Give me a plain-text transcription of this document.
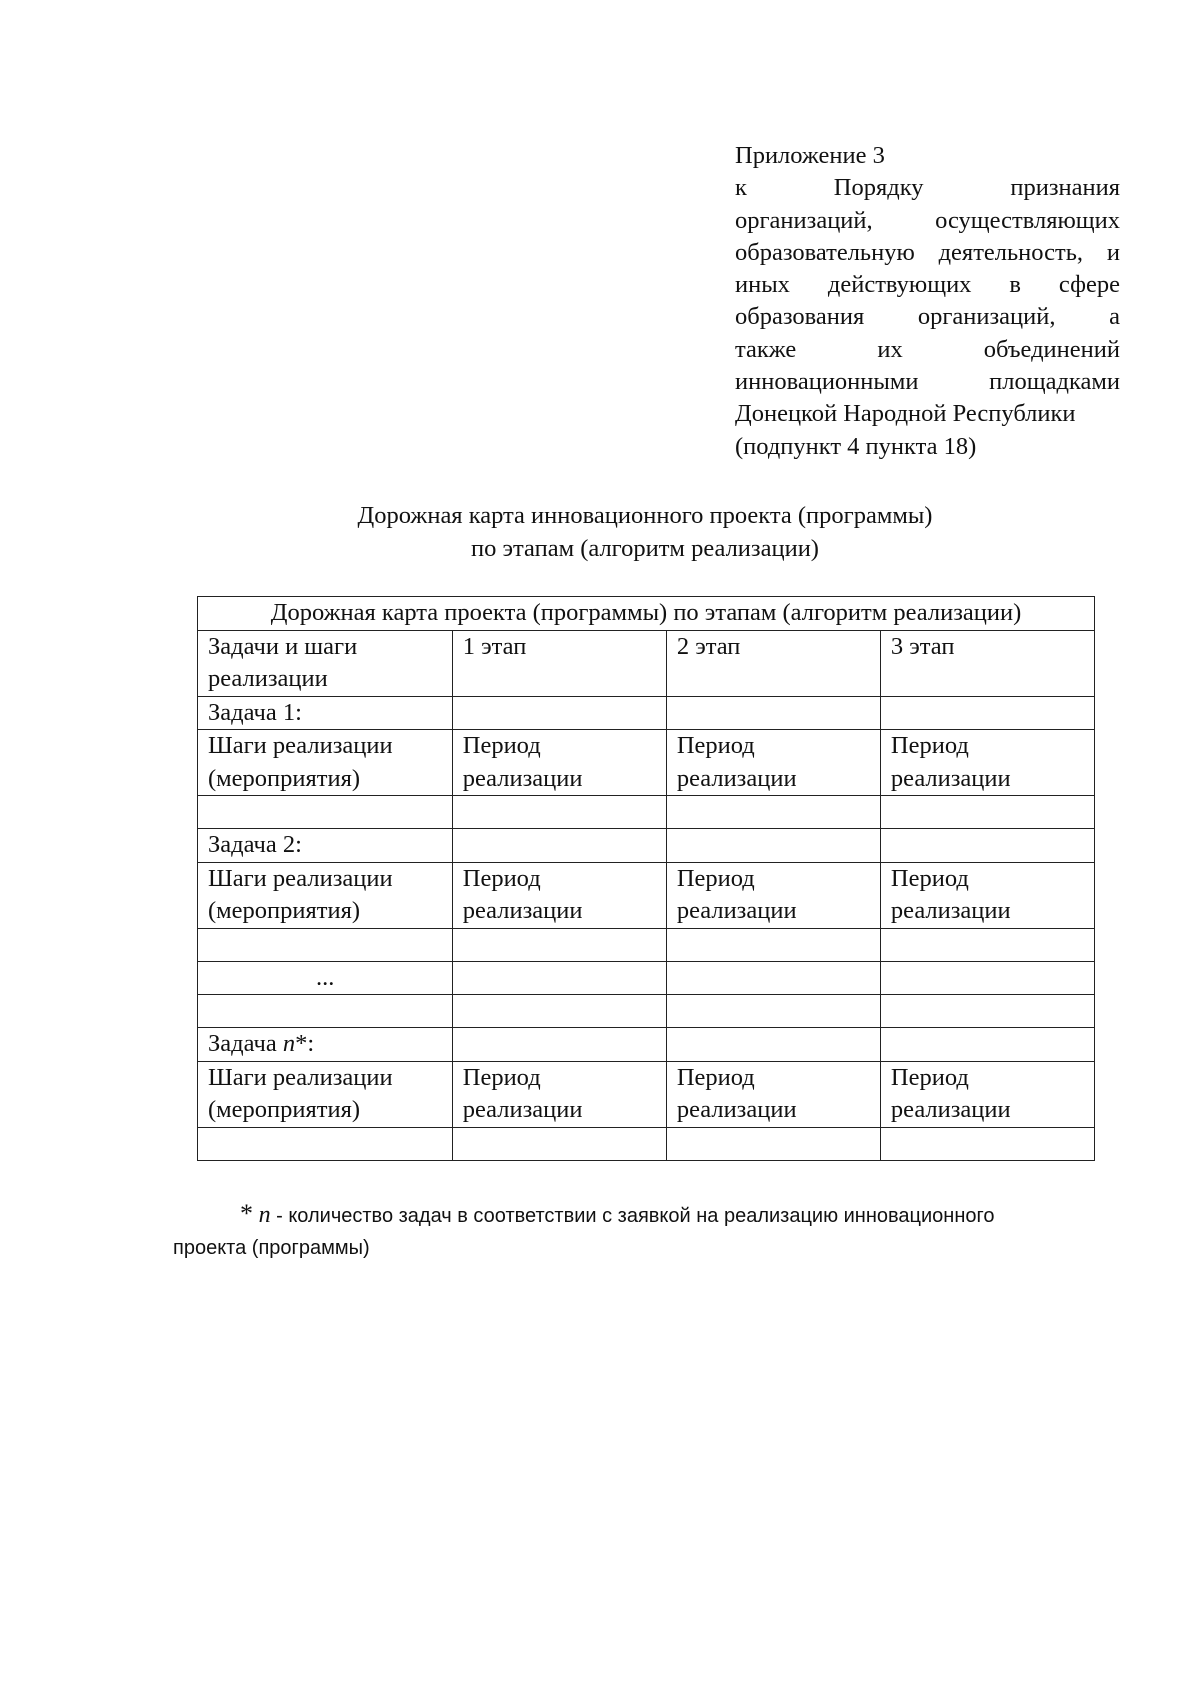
Приложение 3
к	Порядку	признания
организаций,	осуществляющих
образовательную деятельность, и
иных действующих в сфере
образования организаций, а
также	их	объединений
инновационными	площадками
Донецкой Народной Республики
(подпункт 4 пункта 18)
Дорожная карта инновационного проекта (программы)
по этапам (алгоритм реализации)
Дорожная карта проекта (программы) по этапам (алгоритм реализации)			
Задачи и шаги реализации	1 этап	2 этап	3 этап
Задача 1:			
Шаги реализации (мероприятия)	Период реализации	Период реализации	Период реализации

Задача 2:			
Шаги реализации (мероприятия)	Период реализации	Период реализации	Период реализации

...			

Задача n*:			
Шаги реализации (мероприятия)	Период реализации	Период реализации	Период реализации

* n - количество задач в соответствии с заявкой на реализацию инновационного
проекта (программы)
